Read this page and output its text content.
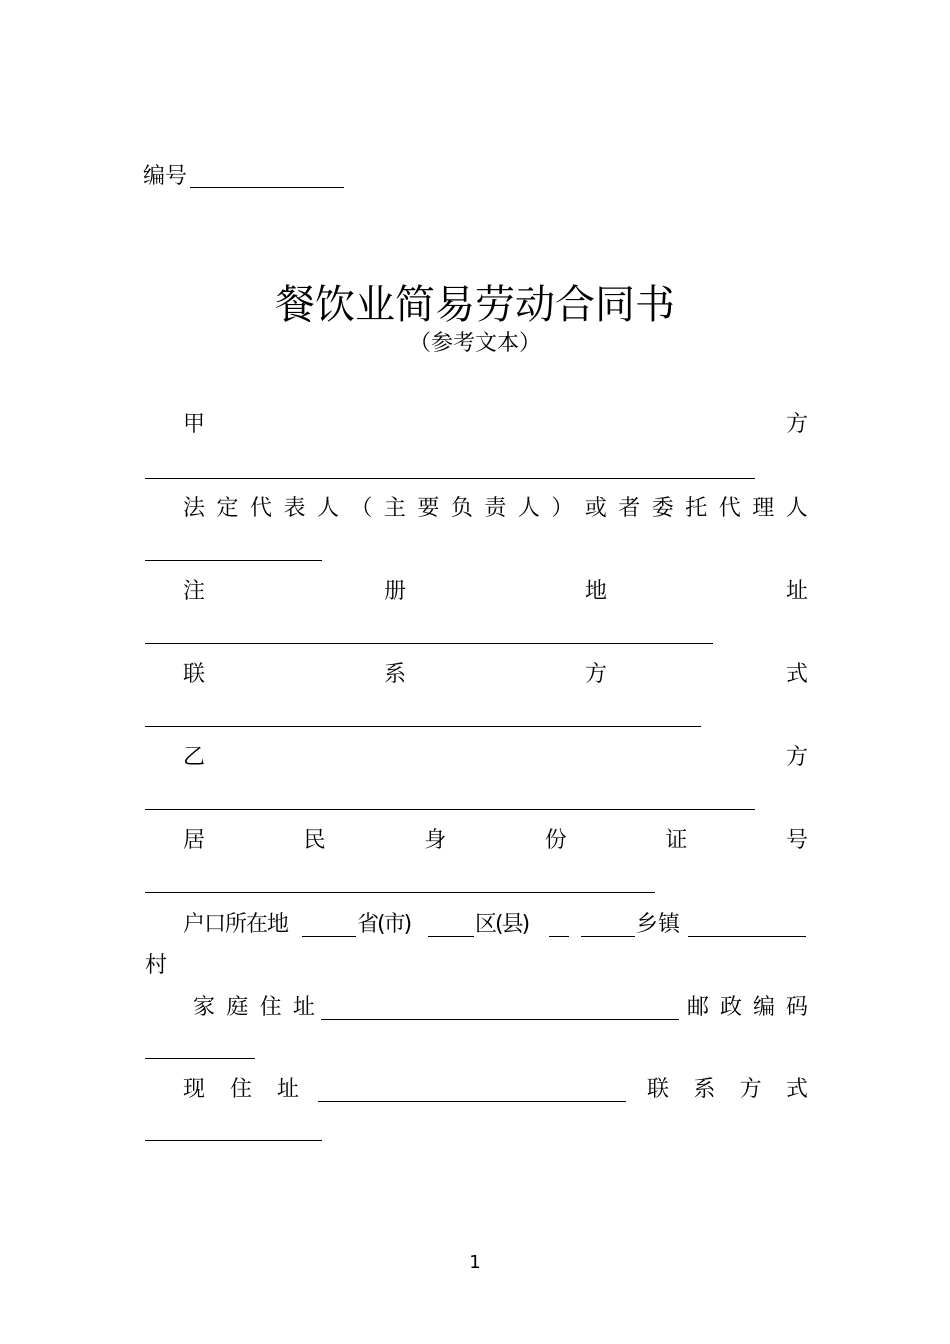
编号
餐饮业简易劳动合同书
（参考文本）
甲	方
法 定 代 表 人 （ 主 要 负 责 人 ） 或 者 委 托 代 理 人
注	册	地	址
联	系	方	式
乙	方
居	民	身	份	证	号
户口所在地	省(市)	区(县)	乡镇
村
家 庭 住 址	邮 政 编 码
现 住 址	联 系 方 式
1
